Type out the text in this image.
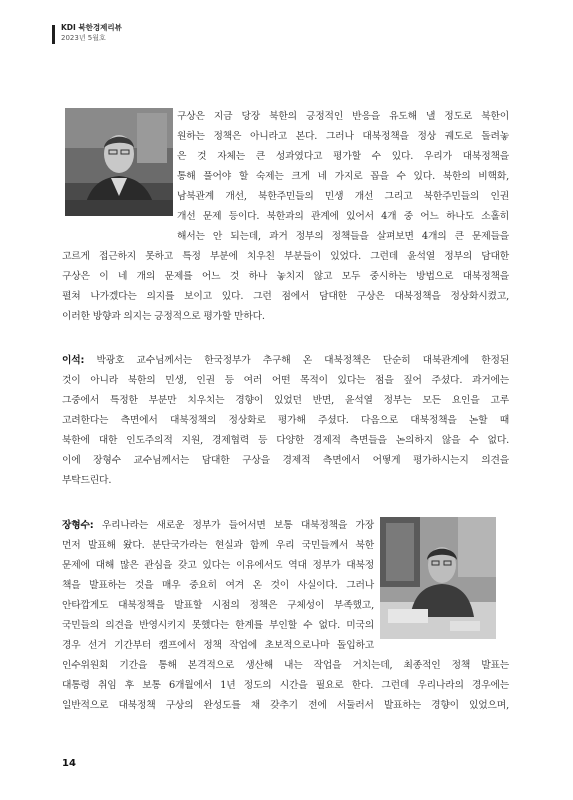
KDI 북한경제리뷰
2023년 5월호
구상은 지금 당장 북한의 긍정적인 반응을 유도해 낼 정도로 북한이
원하는 정책은 아니라고 본다. 그러나 대북정책을 정상 궤도로 돌려놓
은 것 자체는 큰 성과였다고 평가할 수 있다. 우리가 대북정책을
통해 풀어야 할 숙제는 크게 네 가지로 꼽을 수 있다. 북한의 비핵화,
남북관계 개선, 북한주민들의 민생 개선 그리고 북한주민들의 인권
개선 문제 등이다. 북한과의 관계에 있어서 4개 중 어느 하나도 소홀히
해서는 안 되는데, 과거 정부의 정책들을 살펴보면 4개의 큰 문제들을
고르게 접근하지 못하고 특정 부분에 치우친 부분들이 있었다. 그런데 윤석열 정부의 담대한
구상은 이 네 개의 문제를 어느 것 하나 놓치지 않고 모두 중시하는 방법으로 대북정책을
펼쳐 나가겠다는 의지를 보이고 있다. 그런 점에서 담대한 구상은 대북정책을 정상화시켰고,
이러한 방향과 의지는 긍정적으로 평가할 만하다.
이석: 박광호 교수님께서는 한국정부가 추구해 온 대북정책은 단순히 대북관계에 한정된
것이 아니라 북한의 민생, 인권 등 여러 어떤 목적이 있다는 점을 짚어 주셨다. 과거에는
그중에서 특정한 부분만 치우치는 경향이 있었던 반면, 윤석열 정부는 모든 요인을 고루
고려한다는 측면에서 대북정책의 정상화로 평가해 주셨다. 다음으로 대북정책을 논할 때
북한에 대한 인도주의적 지원, 경제협력 등 다양한 경제적 측면들을 논의하지 않을 수 없다.
이에 장형수 교수님께서는 담대한 구상을 경제적 측면에서 어떻게 평가하시는지 의견을
부탁드린다.
장형수: 우리나라는 새로운 정부가 들어서면 보통 대북정책을 가장
먼저 발표해 왔다. 분단국가라는 현실과 함께 우리 국민들께서 북한
문제에 대해 많은 관심을 갖고 있다는 이유에서도 역대 정부가 대북정
책을 발표하는 것을 매우 중요히 여겨 온 것이 사실이다. 그러나
안타깝게도 대북정책을 발표할 시점의 정책은 구체성이 부족했고,
국민들의 의견을 반영시키지 못했다는 한계를 부인할 수 없다. 미국의
경우 선거 기간부터 캠프에서 정책 작업에 초보적으로나마 돌입하고
인수위원회 기간을 통해 본격적으로 생산해 내는 작업을 거치는데, 최종적인 정책 발표는
대통령 취임 후 보통 6개월에서 1년 정도의 시간을 필요로 한다. 그런데 우리나라의 경우에는
일반적으로 대북정책 구상의 완성도를 채 갖추기 전에 서둘러서 발표하는 경향이 있었으며,
14
